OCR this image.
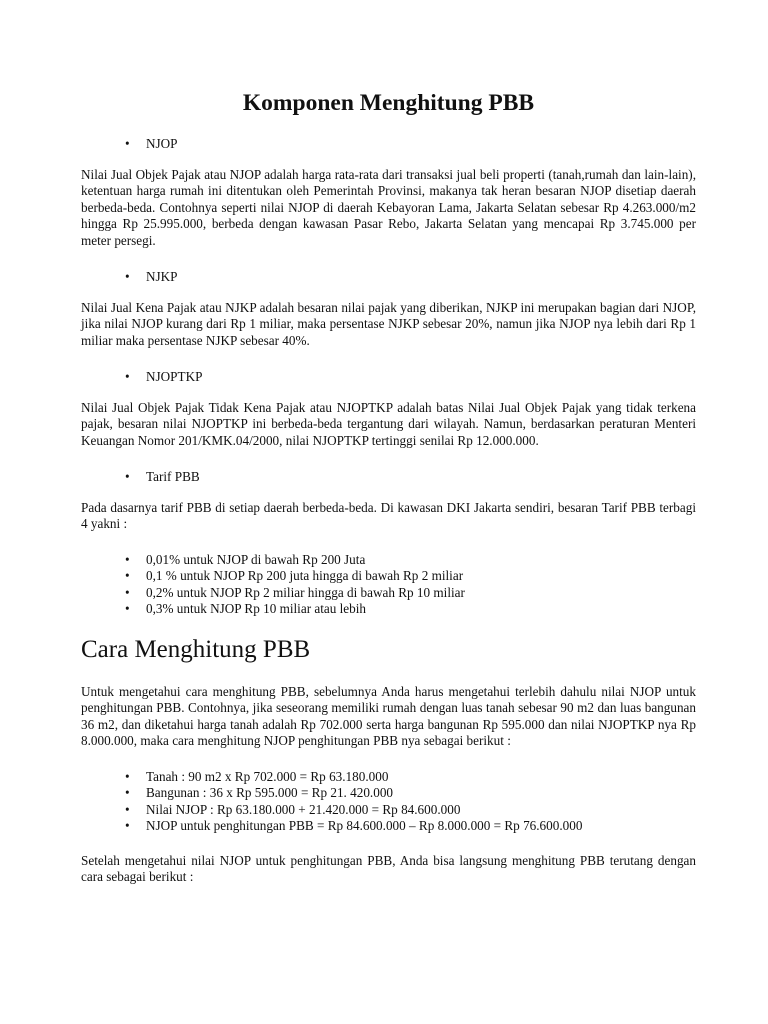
Komponen Menghitung PBB
• NJOP

Nilai Jual Objek Pajak atau NJOP adalah harga rata-rata dari transaksi jual beli properti (tanah,rumah dan lain-lain), ketentuan harga rumah ini ditentukan oleh Pemerintah Provinsi, makanya tak heran besaran NJOP disetiap daerah berbeda-beda. Contohnya seperti nilai NJOP di daerah Kebayoran Lama, Jakarta Selatan sebesar Rp 4.263.000/m2 hingga Rp 25.995.000, berbeda dengan kawasan Pasar Rebo, Jakarta Selatan yang mencapai Rp 3.745.000 per meter persegi.

• NJKP

Nilai Jual Kena Pajak atau NJKP adalah besaran nilai pajak yang diberikan, NJKP ini merupakan bagian dari NJOP, jika nilai NJOP kurang dari Rp 1 miliar, maka persentase NJKP sebesar 20%, namun jika NJOP nya lebih dari Rp 1 miliar maka persentase NJKP sebesar 40%.

• NJOPTKP

Nilai Jual Objek Pajak Tidak Kena Pajak atau NJOPTKP adalah batas Nilai Jual Objek Pajak yang tidak terkena pajak, besaran nilai NJOPTKP ini berbeda-beda tergantung dari wilayah. Namun, berdasarkan peraturan Menteri Keuangan Nomor 201/KMK.04/2000, nilai NJOPTKP tertinggi senilai Rp 12.000.000.

• Tarif PBB

Pada dasarnya tarif PBB di setiap daerah berbeda-beda. Di kawasan DKI Jakarta sendiri, besaran Tarif PBB terbagi 4 yakni :

• 0,01% untuk NJOP di bawah Rp 200 Juta
• 0,1 % untuk NJOP Rp 200 juta hingga di bawah Rp 2 miliar
• 0,2% untuk NJOP Rp 2 miliar hingga di bawah Rp 10 miliar
• 0,3% untuk NJOP Rp 10 miliar atau lebih
Cara Menghitung PBB

Untuk mengetahui cara menghitung PBB, sebelumnya Anda harus mengetahui terlebih dahulu nilai NJOP untuk penghitungan PBB. Contohnya, jika seseorang memiliki rumah dengan luas tanah sebesar 90 m2 dan luas bangunan 36 m2, dan diketahui harga tanah adalah Rp 702.000 serta harga bangunan Rp 595.000 dan nilai NJOPTKP nya Rp 8.000.000, maka cara menghitung NJOP penghitungan PBB nya sebagai berikut :

• Tanah : 90 m2 x Rp 702.000 = Rp 63.180.000
• Bangunan : 36 x Rp 595.000 = Rp 21. 420.000
• Nilai NJOP : Rp 63.180.000 + 21.420.000 = Rp 84.600.000
• NJOP untuk penghitungan PBB = Rp 84.600.000 – Rp 8.000.000 = Rp 76.600.000

Setelah mengetahui nilai NJOP untuk penghitungan PBB, Anda bisa langsung menghitung PBB terutang dengan cara sebagai berikut :
